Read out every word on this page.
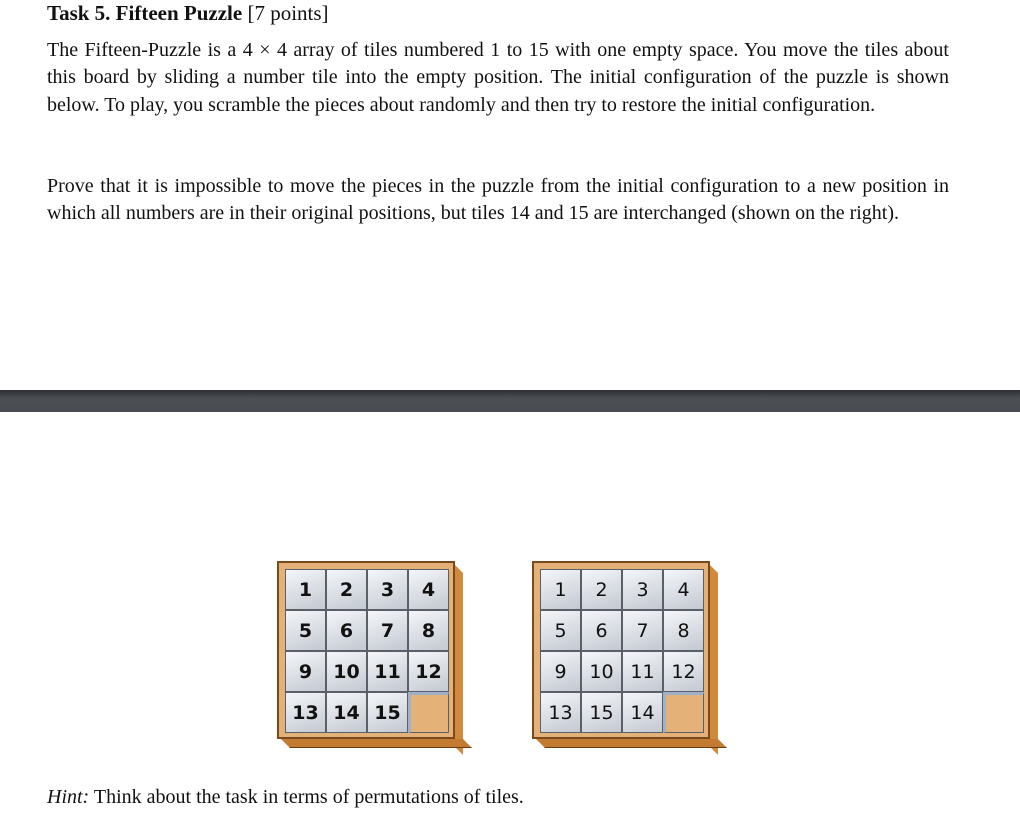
Task 5. Fifteen Puzzle [7 points]
The Fifteen-Puzzle is a 4 × 4 array of tiles numbered 1 to 15 with one empty space. You move the tiles about this board by sliding a number tile into the empty position. The initial configuration of the puzzle is shown below. To play, you scramble the pieces about randomly and then try to restore the initial configuration.
Prove that it is impossible to move the pieces in the puzzle from the initial configuration to a new position in which all numbers are in their original positions, but tiles 14 and 15 are interchanged (shown on the right).
1	2	3	4
5	6	7	8
9	10 11 12
13 14 15
1	2	3	4
5	6	7	8
9	10 11 12
13 15 14
Hint: Think about the task in terms of permutations of tiles.
